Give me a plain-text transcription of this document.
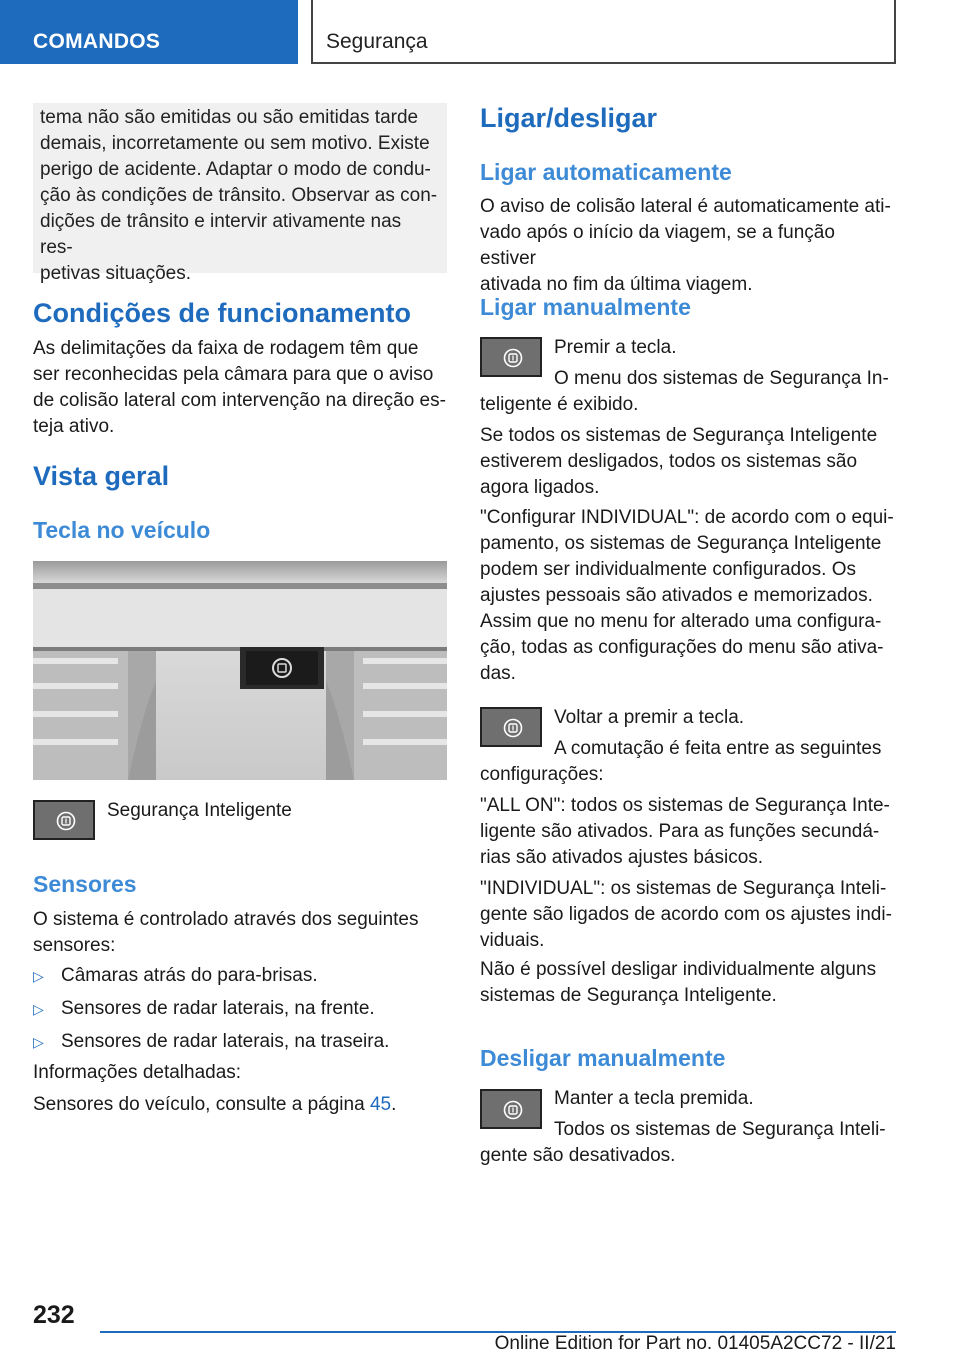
COMANDOS	Segurança

tema não são emitidas ou são emitidas tarde

demais, incorretamente ou sem motivo. Existe

perigo de acidente. Adaptar o modo de condu-

ção às condições de trânsito. Observar as con-

dições de trânsito e intervir ativamente nas res-

petivas situações.

Condições de funcionamento

As delimitações da faixa de rodagem têm que

ser reconhecidas pela câmara para que o aviso

de colisão lateral com intervenção na direção es-

teja ativo.

Vista geral
Tecla no veículo

Segurança Inteligente

Sensores

O sistema é controlado através dos seguintes

sensores:

▷ Câmaras atrás do para-brisas.
▷ Sensores de radar laterais, na frente.
▷ Sensores de radar laterais, na traseira.

Informações detalhadas:

Sensores do veículo, consulte a página 45.

Ligar/desligar
Ligar automaticamente

O aviso de colisão lateral é automaticamente ati-

vado após o início da viagem, se a função estiver

ativada no fim da última viagem.

Ligar manualmente

Premir a tecla.

O menu dos sistemas de Segurança In-

teligente é exibido.

Se todos os sistemas de Segurança Inteligente

estiverem desligados, todos os sistemas são

agora ligados.

"Configurar INDIVIDUAL": de acordo com o equi-

pamento, os sistemas de Segurança Inteligente

podem ser individualmente configurados. Os

ajustes pessoais são ativados e memorizados.

Assim que no menu for alterado uma configura-

ção, todas as configurações do menu são ativa-

das.

Voltar a premir a tecla.

A comutação é feita entre as seguintes

configurações:

"ALL ON": todos os sistemas de Segurança Inte-

ligente são ativados. Para as funções secundá-

rias são ativados ajustes básicos.

"INDIVIDUAL": os sistemas de Segurança Inteli-

gente são ligados de acordo com os ajustes indi-

viduais.

Não é possível desligar individualmente alguns

sistemas de Segurança Inteligente.

Desligar manualmente

Manter a tecla premida.

Todos os sistemas de Segurança Inteli-

gente são desativados.

232
Online Edition for Part no. 01405A2CC72 - II/21
